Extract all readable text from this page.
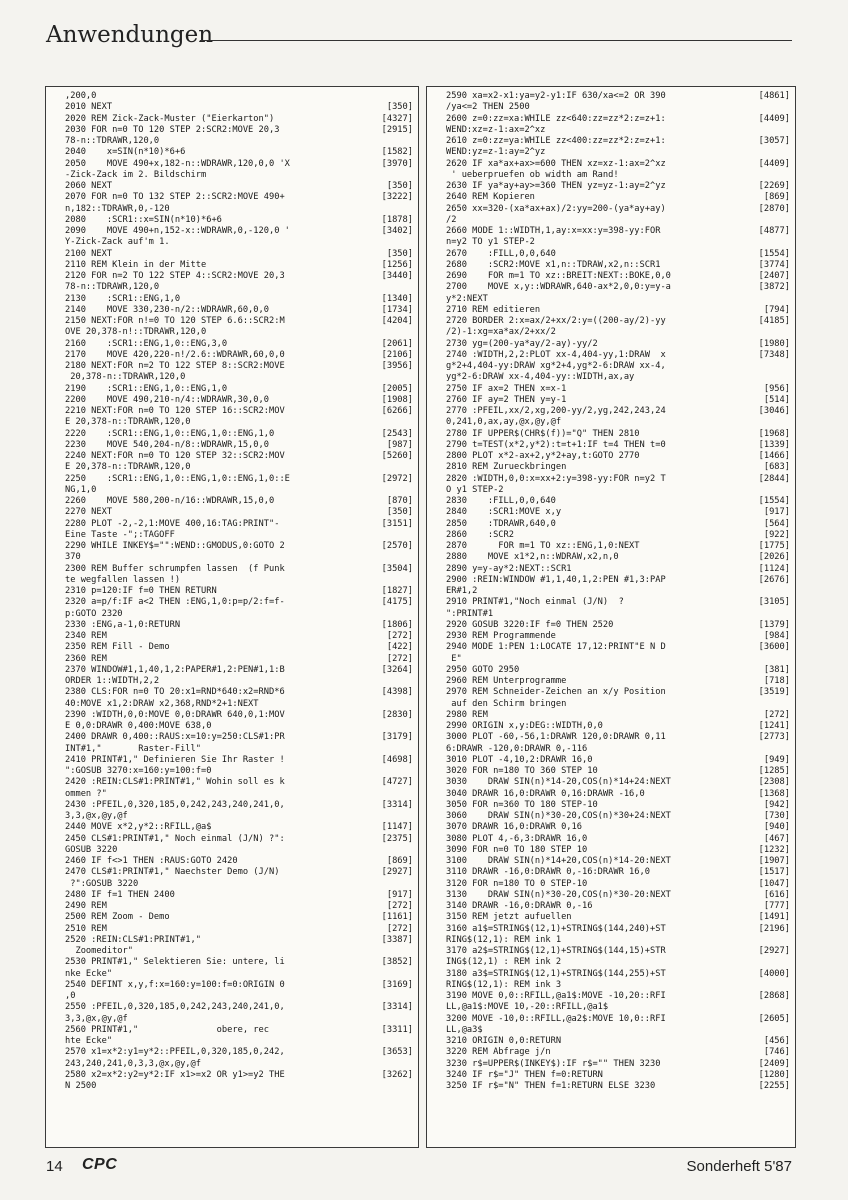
Anwendungen
,200,0
2010 NEXT	[350]
2020 REM Zick-Zack-Muster ("Eierkarton")	[4327]
2030 FOR n=0 TO 120 STEP 2:SCR2:MOVE 20,3	[2915]
78-n::TDRAWR,120,0
2040    x=SIN(n*10)*6+6	[1582]
2050    MOVE 490+x,182-n::WDRAWR,120,0,0 'X	[3970]
-Zick-Zack im 2. Bildschirm
2060 NEXT	[350]
2070 FOR n=0 TO 132 STEP 2::SCR2:MOVE 490+	[3222]
n,182::TDRAWR,0,-120
2080    :SCR1::x=SIN(n*10)*6+6	[1878]
2090    MOVE 490+n,152-x::WDRAWR,0,-120,0 '	[3402]
Y-Zick-Zack auf'm 1.
2100 NEXT	[350]
2110 REM Klein in der Mitte	[1256]
2120 FOR n=2 TO 122 STEP 4::SCR2:MOVE 20,3	[3440]
78-n::TDRAWR,120,0
2130    :SCR1::ENG,1,0	[1340]
2140    MOVE 330,230-n/2::WDRAWR,60,0,0	[1734]
2150 NEXT:FOR n!=0 TO 120 STEP 6.6::SCR2:M	[4204]
OVE 20,378-n!::TDRAWR,120,0
2160    :SCR1::ENG,1,0::ENG,3,0	[2061]
2170    MOVE 420,220-n!/2.6::WDRAWR,60,0,0	[2106]
2180 NEXT:FOR n=2 TO 122 STEP 8::SCR2:MOVE	[3956]
20,378-n::TDRAWR,120,0
2190    :SCR1::ENG,1,0::ENG,1,0	[2005]
2200    MOVE 490,210-n/4::WDRAWR,30,0,0	[1908]
2210 NEXT:FOR n=0 TO 120 STEP 16::SCR2:MOV	[6266]
E 20,378-n::TDRAWR,120,0
2220    :SCR1::ENG,1,0::ENG,1,0::ENG,1,0	[2543]
2230    MOVE 540,204-n/8::WDRAWR,15,0,0	[987]
2240 NEXT:FOR n=0 TO 120 STEP 32::SCR2:MOV	[5260]
E 20,378-n::TDRAWR,120,0
2250    :SCR1::ENG,1,0::ENG,1,0::ENG,1,0::E	[2972]
NG,1,0
2260    MOVE 580,200-n/16::WDRAWR,15,0,0	[870]
2270 NEXT	[350]
2280 PLOT -2,-2,1:MOVE 400,16:TAG:PRINT"-	[3151]
Eine Taste -";:TAGOFF
2290 WHILE INKEY$="":WEND::GMODUS,0:GOTO 2	[2570]
370
2300 REM Buffer schrumpfen lassen  (f Punk	[3504]
te wegfallen lassen !)
2310 p=120:IF f=0 THEN RETURN	[1827]
2320 a=p/f:IF a<2 THEN :ENG,1,0:p=p/2:f=f-	[4175]
p:GOTO 2320
2330 :ENG,a-1,0:RETURN	[1806]
2340 REM	[272]
2350 REM Fill - Demo	[422]
2360 REM	[272]
2370 WINDOW#1,1,40,1,2:PAPER#1,2:PEN#1,1:B	[3264]
ORDER 1::WIDTH,2,2
2380 CLS:FOR n=0 TO 20:x1=RND*640:x2=RND*6	[4398]
40:MOVE x1,2:DRAW x2,368,RND*2+1:NEXT
2390 :WIDTH,0,0:MOVE 0,0:DRAWR 640,0,1:MOV	[2830]
E 0,0:DRAWR 0,400:MOVE 638,0
2400 DRAWR 0,400::RAUS:x=10:y=250:CLS#1:PR	[3179]
INT#1,"       Raster-Fill"
2410 PRINT#1," Definieren Sie Ihr Raster !	[4698]
":GOSUB 3270:x=160:y=100:f=0
2420 :REIN:CLS#1:PRINT#1," Wohin soll es k	[4727]
ommen ?"
2430 :PFEIL,0,320,185,0,242,243,240,241,0,	[3314]
3,3,@x,@y,@f
2440 MOVE x*2,y*2::RFILL,@a$	[1147]
2450 CLS#1:PRINT#1," Noch einmal (J/N) ?":	[2375]
GOSUB 3220
2460 IF f<>1 THEN :RAUS:GOTO 2420	[869]
2470 CLS#1:PRINT#1," Naechster Demo (J/N)	[2927]
?":GOSUB 3220
2480 IF f=1 THEN 2400	[917]
2490 REM	[272]
2500 REM Zoom - Demo	[1161]
2510 REM	[272]
2520 :REIN:CLS#1:PRINT#1,"	[3387]
Zoomeditor"
2530 PRINT#1," Selektieren Sie: untere, li	[3852]
nke Ecke"
2540 DEFINT x,y,f:x=160:y=100:f=0:ORIGIN 0	[3169]
,0
2550 :PFEIL,0,320,185,0,242,243,240,241,0,	[3314]
3,3,@x,@y,@f
2560 PRINT#1,"               obere, rec	[3311]
hte Ecke"
2570 x1=x*2:y1=y*2::PFEIL,0,320,185,0,242,	[3653]
243,240,241,0,3,3,@x,@y,@f
2580 x2=x*2:y2=y*2:IF x1>=x2 OR y1>=y2 THE	[3262]
N 2500
2590 xa=x2-x1:ya=y2-y1:IF 630/xa<=2 OR 390	[4861]
/ya<=2 THEN 2500
2600 z=0:zz=xa:WHILE zz<640:zz=zz*2:z=z+1:	[4409]
WEND:xz=z-1:ax=2^xz
2610 z=0:zz=ya:WHILE zz<400:zz=zz*2:z=z+1:	[3057]
WEND:yz=z-1:ay=2^yz
2620 IF xa*ax+ax>=600 THEN xz=xz-1:ax=2^xz	[4409]
' ueberpruefen ob width am Rand!
2630 IF ya*ay+ay>=360 THEN yz=yz-1:ay=2^yz	[2269]
2640 REM Kopieren	[869]
2650 xx=320-(xa*ax+ax)/2:yy=200-(ya*ay+ay)	[2870]
/2
2660 MODE 1::WIDTH,1,ay:x=xx:y=398-yy:FOR	[4877]
n=y2 TO y1 STEP-2
2670    :FILL,0,0,640	[1554]
2680    :SCR2:MOVE x1,n::TDRAW,x2,n::SCR1	[3774]
2690    FOR m=1 TO xz::BREIT:NEXT::BOKE,0,0	[2407]
2700    MOVE x,y::WDRAWR,640-ax*2,0,0:y=y-a	[3872]
y*2:NEXT
2710 REM editieren	[794]
2720 BORDER 2:x=ax/2+xx/2:y=((200-ay/2)-yy	[4185]
/2)-1:xg=xa*ax/2+xx/2
2730 yg=(200-ya*ay/2-ay)-yy/2	[1980]
2740 :WIDTH,2,2:PLOT xx-4,404-yy,1:DRAW  x	[7348]
g*2+4,404-yy:DRAW xg*2+4,yg*2-6:DRAW xx-4,
yg*2-6:DRAW xx-4,404-yy::WIDTH,ax,ay
2750 IF ax=2 THEN x=x-1	[956]
2760 IF ay=2 THEN y=y-1	[514]
2770 :PFEIL,xx/2,xg,200-yy/2,yg,242,243,24	[3046]
0,241,0,ax,ay,@x,@y,@f
2780 IF UPPER$(CHR$(f))="Q" THEN 2810	[1968]
2790 t=TEST(x*2,y*2):t=t+1:IF t=4 THEN t=0	[1339]
2800 PLOT x*2-ax+2,y*2+ay,t:GOTO 2770	[1466]
2810 REM Zurueckbringen	[683]
2820 :WIDTH,0,0:x=xx+2:y=398-yy:FOR n=y2 T	[2844]
O y1 STEP-2
2830    :FILL,0,0,640	[1554]
2840    :SCR1:MOVE x,y	[917]
2850    :TDRAWR,640,0	[564]
2860    :SCR2	[922]
2870      FOR m=1 TO xz::ENG,1,0:NEXT	[1775]
2880    MOVE x1*2,n::WDRAW,x2,n,0	[2026]
2890 y=y-ay*2:NEXT::SCR1	[1124]
2900 :REIN:WINDOW #1,1,40,1,2:PEN #1,3:PAP	[2676]
ER#1,2
2910 PRINT#1,"Noch einmal (J/N)  ?	[3105]
":PRINT#1
2920 GOSUB 3220:IF f=0 THEN 2520	[1379]
2930 REM Programmende	[984]
2940 MODE 1:PEN 1:LOCATE 17,12:PRINT"E N D	[3600]
E"
2950 GOTO 2950	[381]
2960 REM Unterprogramme	[718]
2970 REM Schneider-Zeichen an x/y Position	[3519]
auf den Schirm bringen
2980 REM	[272]
2990 ORIGIN x,y:DEG::WIDTH,0,0	[1241]
3000 PLOT -60,-56,1:DRAWR 120,0:DRAWR 0,11	[2773]
6:DRAWR -120,0:DRAWR 0,-116
3010 PLOT -4,10,2:DRAWR 16,0	[949]
3020 FOR n=180 TO 360 STEP 10	[1285]
3030    DRAW SIN(n)*14-20,COS(n)*14+24:NEXT	[2308]
3040 DRAWR 16,0:DRAWR 0,16:DRAWR -16,0	[1368]
3050 FOR n=360 TO 180 STEP-10	[942]
3060    DRAW SIN(n)*30-20,COS(n)*30+24:NEXT	[730]
3070 DRAWR 16,0:DRAWR 0,16	[940]
3080 PLOT 4,-6,3:DRAWR 16,0	[467]
3090 FOR n=0 TO 180 STEP 10	[1232]
3100    DRAW SIN(n)*14+20,COS(n)*14-20:NEXT	[1907]
3110 DRAWR -16,0:DRAWR 0,-16:DRAWR 16,0	[1517]
3120 FOR n=180 TO 0 STEP-10	[1047]
3130    DRAW SIN(n)*30-20,COS(n)*30-20:NEXT	[616]
3140 DRAWR -16,0:DRAWR 0,-16	[777]
3150 REM jetzt aufuellen	[1491]
3160 a1$=STRING$(12,1)+STRING$(144,240)+ST	[2196]
RING$(12,1): REM ink 1
3170 a2$=STRING$(12,1)+STRING$(144,15)+STR	[2927]
ING$(12,1) : REM ink 2
3180 a3$=STRING$(12,1)+STRING$(144,255)+ST	[4000]
RING$(12,1): REM ink 3
3190 MOVE 0,0::RFILL,@a1$:MOVE -10,20::RFI	[2868]
LL,@a1$:MOVE 10,-20::RFILL,@a1$
3200 MOVE -10,0::RFILL,@a2$:MOVE 10,0::RFI	[2605]
LL,@a3$
3210 ORIGIN 0,0:RETURN	[456]
3220 REM Abfrage j/n	[746]
3230 r$=UPPER$(INKEY$):IF r$="" THEN 3230	[2409]
3240 IF r$="J" THEN f=0:RETURN	[1280]
3250 IF r$="N" THEN f=1:RETURN ELSE 3230	[2255]
14 CPC	Sonderheft 5'87
